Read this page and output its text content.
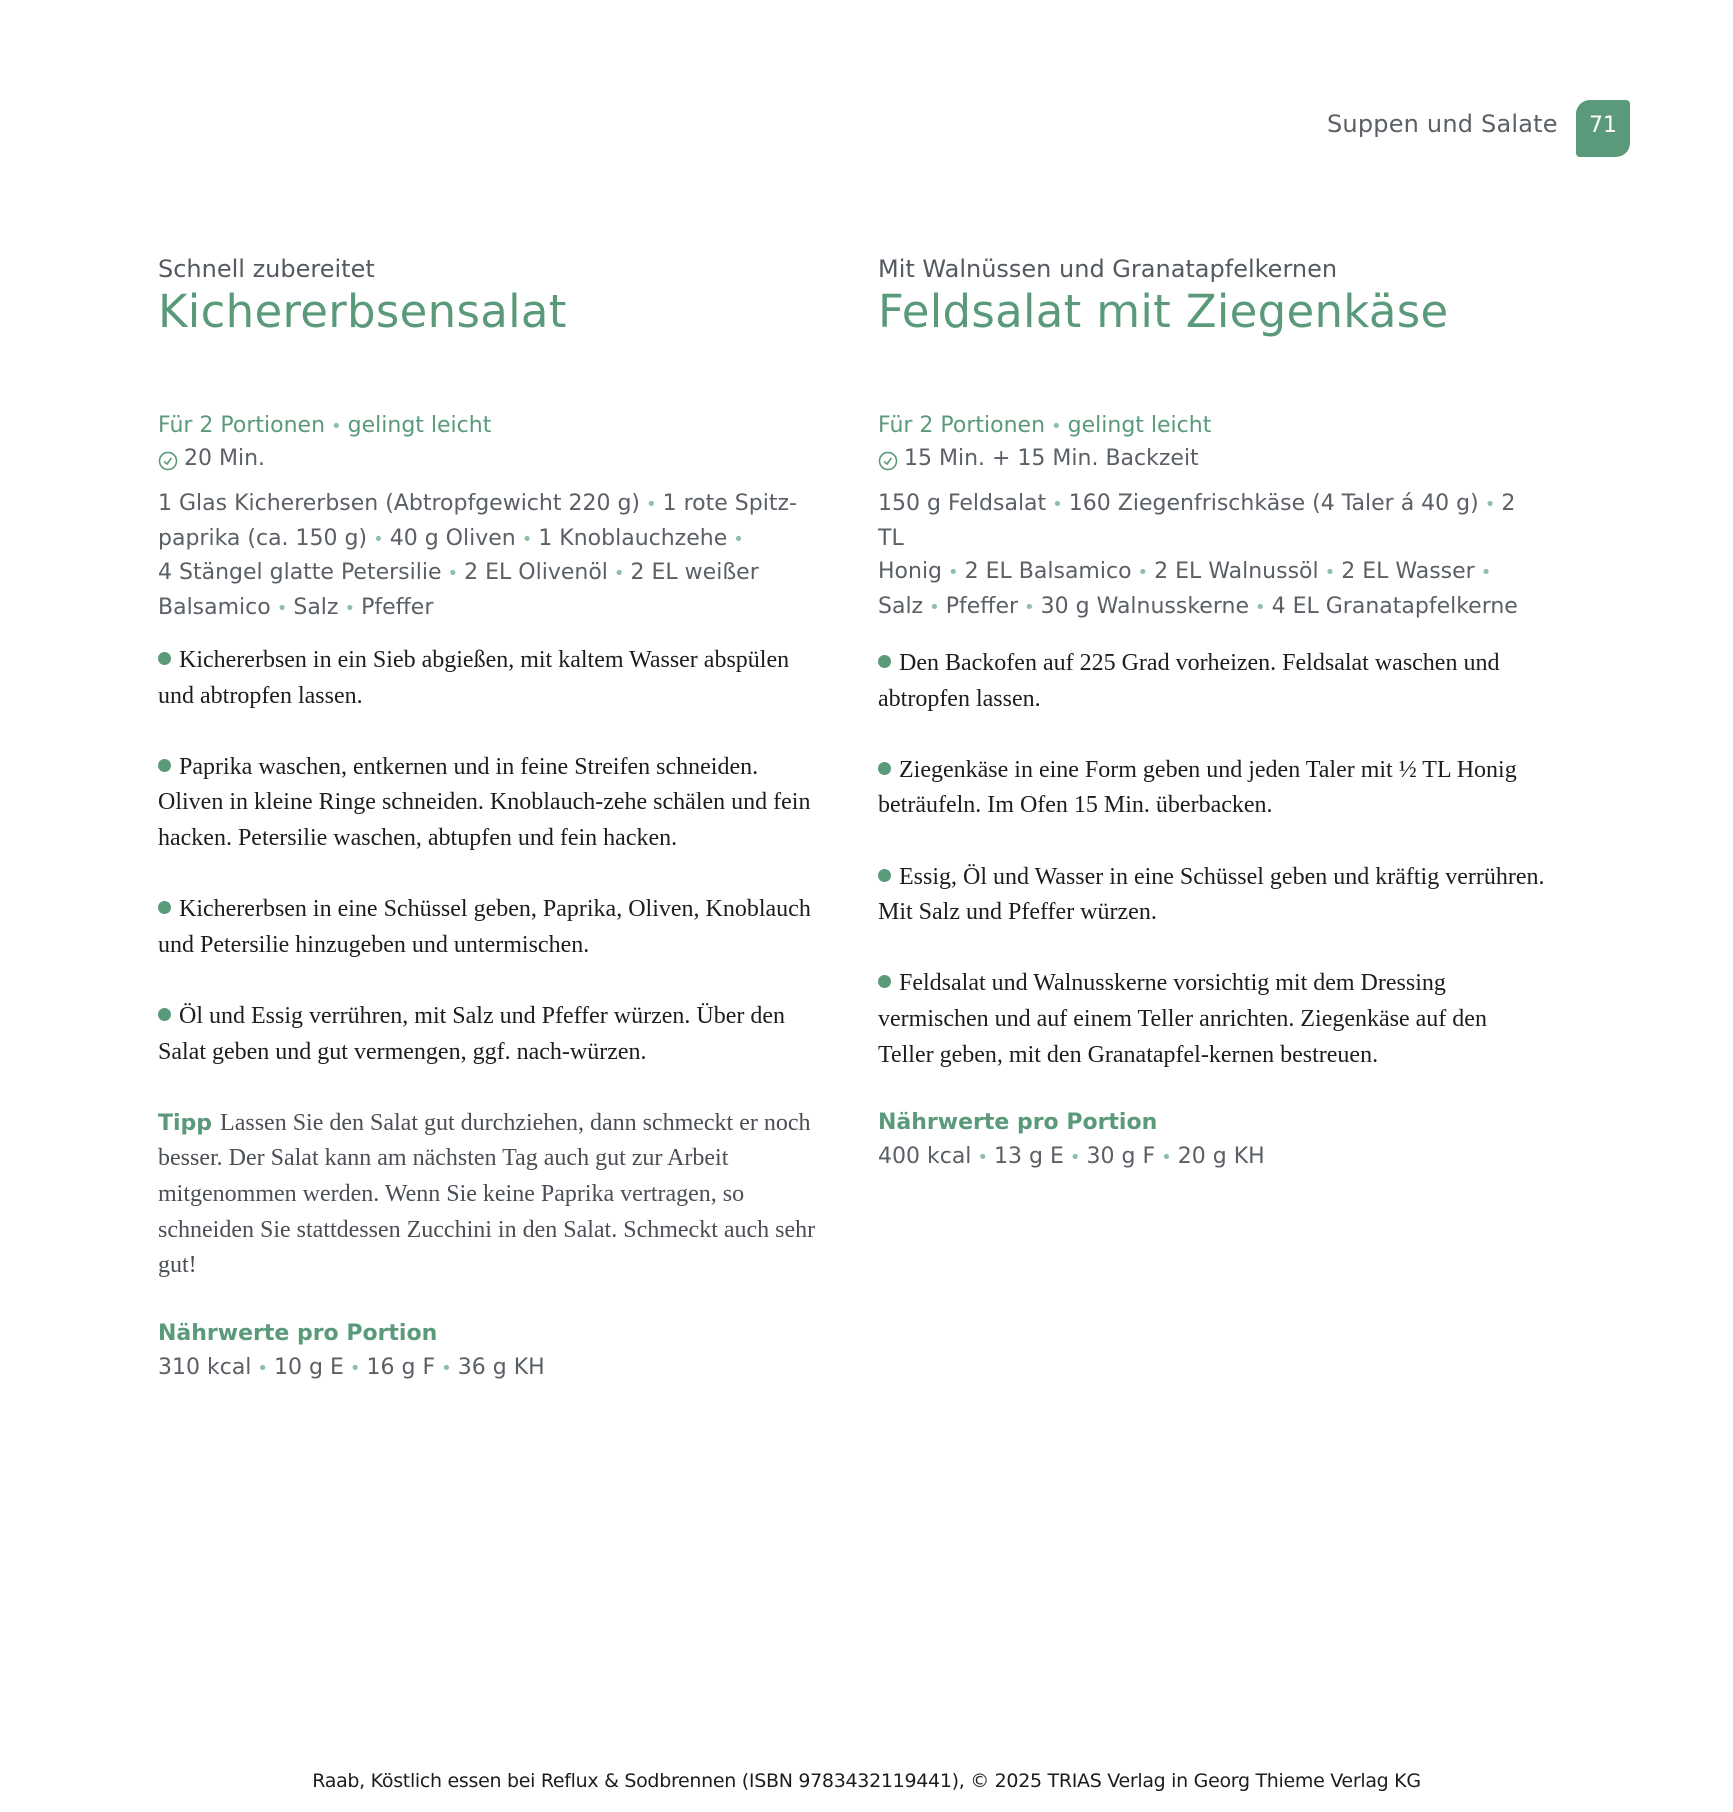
Suppen und Salate	71
Schnell zubereitet
Kichererbsensalat
Für 2 Portionen • gelingt leicht
20 Min.
1 Glas Kichererbsen (Abtropfgewicht 220 g) • 1 rote Spitz-
paprika (ca. 150 g) • 40 g Oliven • 1 Knoblauchzehe •
4 Stängel glatte Petersilie • 2 EL Olivenöl • 2 EL weißer
Balsamico • Salz • Pfeffer

Kichererbsen in ein Sieb abgießen, mit kaltem Wasser abspülen und abtropfen lassen.

Paprika waschen, entkernen und in feine Streifen schneiden. Oliven in kleine Ringe schneiden. Knoblauch-zehe schälen und fein hacken. Petersilie waschen, abtupfen und fein hacken.

Kichererbsen in eine Schüssel geben, Paprika, Oliven, Knoblauch und Petersilie hinzugeben und untermischen.

Öl und Essig verrühren, mit Salz und Pfeffer würzen. Über den Salat geben und gut vermengen, ggf. nach-würzen.

Tipp Lassen Sie den Salat gut durchziehen, dann schmeckt er noch besser. Der Salat kann am nächsten Tag auch gut zur Arbeit mitgenommen werden. Wenn Sie keine Paprika vertragen, so schneiden Sie stattdessen Zucchini in den Salat. Schmeckt auch sehr gut!
Nährwerte pro Portion
310 kcal • 10 g E • 16 g F • 36 g KH
Mit Walnüssen und Granatapfelkernen
Feldsalat mit Ziegenkäse
Für 2 Portionen • gelingt leicht
15 Min. + 15 Min. Backzeit
150 g Feldsalat • 160 Ziegenfrischkäse (4 Taler á 40 g) • 2 TL
Honig • 2 EL Balsamico • 2 EL Walnussöl • 2 EL Wasser •
Salz • Pfeffer • 30 g Walnusskerne • 4 EL Granatapfelkerne

Den Backofen auf 225 Grad vorheizen. Feldsalat waschen und abtropfen lassen.

Ziegenkäse in eine Form geben und jeden Taler mit ½ TL Honig beträufeln. Im Ofen 15 Min. überbacken.

Essig, Öl und Wasser in eine Schüssel geben und kräftig verrühren. Mit Salz und Pfeffer würzen.

Feldsalat und Walnusskerne vorsichtig mit dem Dressing vermischen und auf einem Teller anrichten. Ziegenkäse auf den Teller geben, mit den Granatapfel-kernen bestreuen.

Nährwerte pro Portion
400 kcal • 13 g E • 30 g F • 20 g KH
Raab, Köstlich essen bei Reflux & Sodbrennen (ISBN 9783432119441), © 2025 TRIAS Verlag in Georg Thieme Verlag KG
